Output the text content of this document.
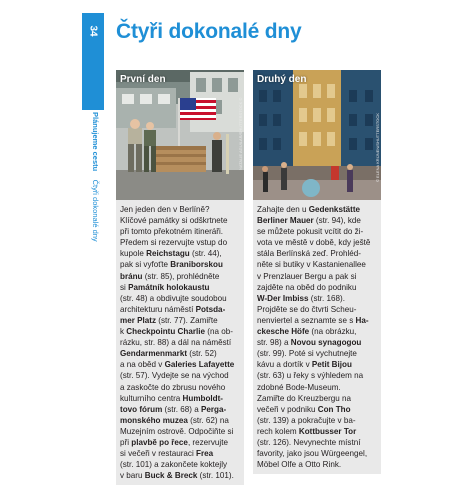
34
Plánujeme cestu    Čtyři dokonalé dny
Čtyři dokonalé dny
První den
NATALIE AGUILAR/SHUTTERSTOCK ©
Jen jeden den v Berlíně?
Klíčové památky si odškrtnete
při tomto překotném itineráři.
Předem si rezervujte vstup do
kupole Reichstagu (str. 44),
pak si vyfoťte Braniborskou
bránu (str. 85), prohlédněte
si Památník holokaustu
(str. 48) a obdivujte soudobou
architekturu náměstí Potsda-
mer Platz (str. 77). Zamiřte
k Checkpointu Charlie (na ob-
rázku, str. 88) a dál na náměstí
Gendarmenmarkt (str. 52)
a na oběd v Galeries Lafayette
(str. 57). Vydejte se na východ
a zaskočte do zbrusu nového
kulturního centra Humboldt-
tovo fórum (str. 68) a Perga-
monského muzea (str. 62) na
Muzejním ostrově. Odpočiňte si
při plavbě po řece, rezervujte
si večeři v restauraci Frea
(str. 101) a zakončete koktejly
v baru Buck & Breck (str. 101).
Druhý den
© ELENA KRIJNEN/SHUTTERSTOCK
Zahajte den u Gedenkstätte
Berliner Mauer (str. 94), kde
se můžete pokusit vcítit do ži-
vota ve městě v době, kdy ještě
stála Berlínská zeď. Prohléd-
něte si butiky v Kastanienallee
v Prenzlauer Bergu a pak si
zajděte na oběd do podniku
W-Der Imbiss (str. 168).
Projděte se do čtvrti Scheu-
nenviertel a seznamte se s Ha-
ckesche Höfe (na obrázku,
str. 98) a Novou synagogou
(str. 99). Poté si vychutnejte
kávu a dortík v Petit Bijou
(str. 63) u řeky s výhledem na
zdobné Bode-Museum.
Zamiřte do Kreuzbergu na
večeři v podniku Con Tho
(str. 139) a pokračujte v ba-
rech kolem Kottbusser Tor
(str. 126). Nevynechte místní
favority, jako jsou Würgeengel,
Möbel Olfe a Otto Rink.
